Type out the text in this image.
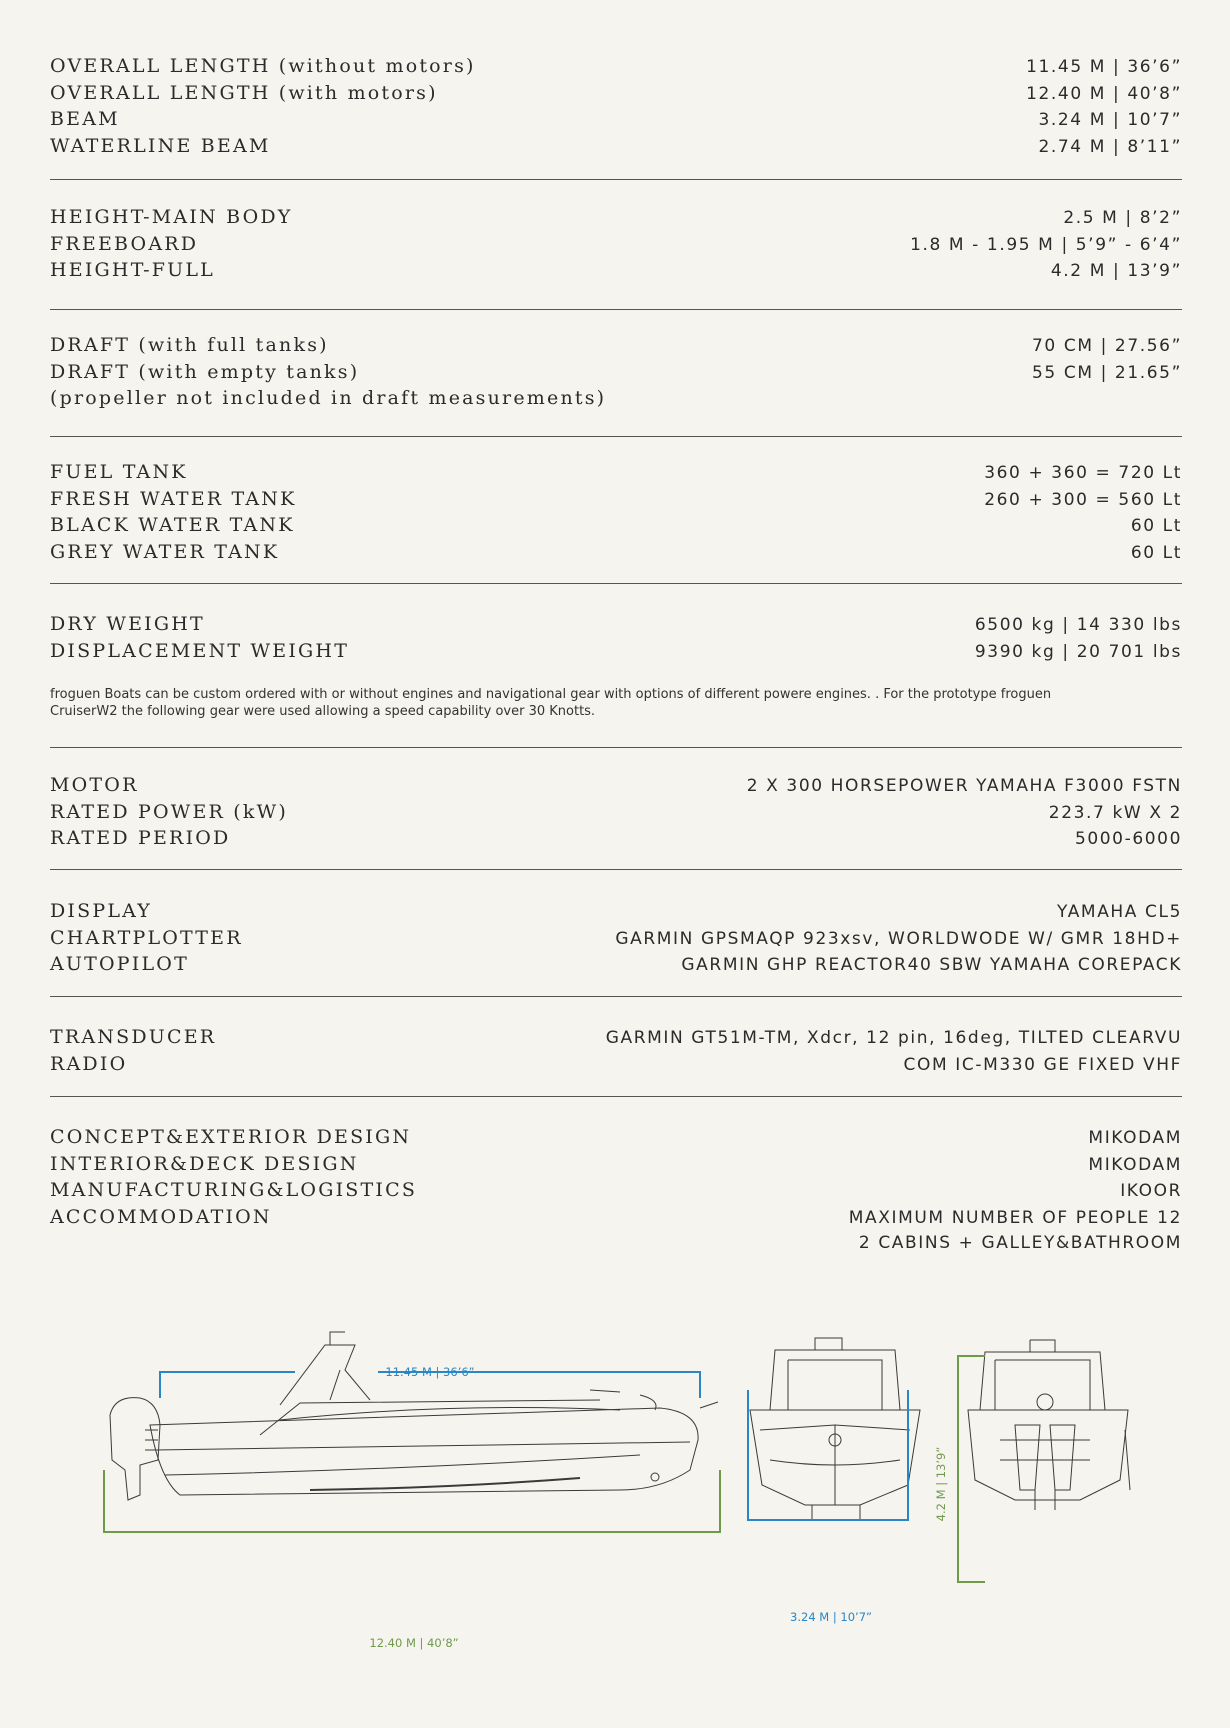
OVERALL LENGTH (without motors)	11.45 M | 36’6”
OVERALL LENGTH (with motors)	12.40 M | 40’8”
BEAM	3.24 M | 10’7”
WATERLINE BEAM	2.74 M | 8’11”
HEIGHT-MAIN BODY	2.5 M | 8’2”
FREEBOARD	1.8 M - 1.95 M | 5’9” - 6’4”
HEIGHT-FULL	4.2 M | 13’9”
DRAFT (with full tanks)	70 CM | 27.56”
DRAFT (with empty tanks)	55 CM | 21.65”
(propeller not included in draft measurements)
FUEL TANK	360 + 360 = 720 Lt
FRESH WATER TANK	260 + 300 = 560 Lt
BLACK WATER TANK	60 Lt
GREY WATER TANK	60 Lt
DRY WEIGHT	6500 kg | 14 330 lbs
DISPLACEMENT WEIGHT	9390 kg | 20 701 lbs
froguen Boats can be custom ordered with or without engines and navigational gear with options of different powere engines. . For the prototype froguen CruiserW2 the following gear were used allowing a speed capability over 30 Knotts.
MOTOR	2 X 300 HORSEPOWER YAMAHA F3000 FSTN
RATED POWER (kW)	223.7 kW X 2
RATED PERIOD	5000-6000
DISPLAY	YAMAHA CL5
CHARTPLOTTER	GARMIN GPSMAQP 923xsv, WORLDWODE W/ GMR 18HD+
AUTOPILOT	GARMIN GHP REACTOR40 SBW YAMAHA COREPACK
TRANSDUCER	GARMIN GT51M-TM, Xdcr, 12 pin, 16deg, TILTED CLEARVU
RADIO	COM IC-M330 GE FIXED VHF
CONCEPT&EXTERIOR DESIGN	MIKODAM
INTERIOR&DECK DESIGN	MIKODAM
MANUFACTURING&LOGISTICS	IKOOR
ACCOMMODATION	MAXIMUM NUMBER OF PEOPLE 12
2 CABINS + GALLEY&BATHROOM
11.45 M | 36’6”
12.40 M | 40’8”
3.24 M | 10’7”
4.2 M | 13’9”
